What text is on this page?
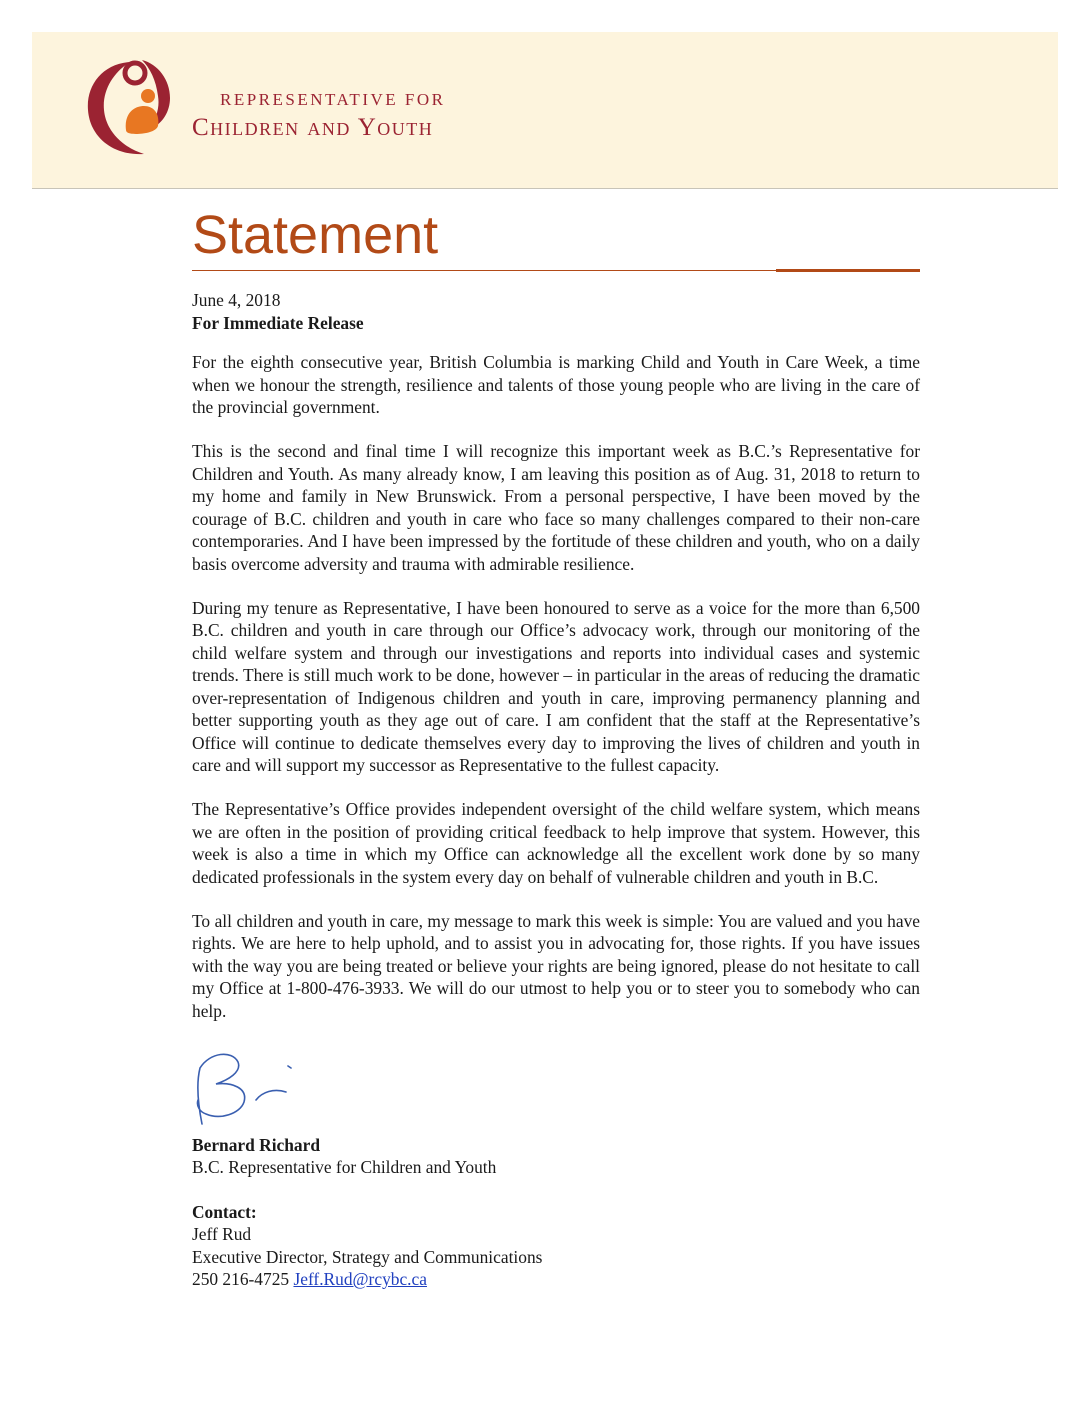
REPRESENTATIVE FOR
Children and Youth
Statement

June 4, 2018

For Immediate Release

For the eighth consecutive year, British Columbia is marking Child and Youth in Care Week, a time when we honour the strength, resilience and talents of those young people who are living in the care of the provincial government.

This is the second and final time I will recognize this important week as B.C.’s Representative for Children and Youth. As many already know, I am leaving this position as of Aug. 31, 2018 to return to my home and family in New Brunswick. From a personal perspective, I have been moved by the courage of B.C. children and youth in care who face so many challenges compared to their non-care contemporaries. And I have been impressed by the fortitude of these children and youth, who on a daily basis overcome adversity and trauma with admirable resilience.

During my tenure as Representative, I have been honoured to serve as a voice for the more than 6,500 B.C. children and youth in care through our Office’s advocacy work, through our monitoring of the child welfare system and through our investigations and reports into individual cases and systemic trends. There is still much work to be done, however – in particular in the areas of reducing the dramatic over-representation of Indigenous children and youth in care, improving permanency planning and better supporting youth as they age out of care. I am confident that the staff at the Representative’s Office will continue to dedicate themselves every day to improving the lives of children and youth in care and will support my successor as Representative to the fullest capacity.

The Representative’s Office provides independent oversight of the child welfare system, which means we are often in the position of providing critical feedback to help improve that system. However, this week is also a time in which my Office can acknowledge all the excellent work done by so many dedicated professionals in the system every day on behalf of vulnerable children and youth in B.C.

To all children and youth in care, my message to mark this week is simple: You are valued and you have rights. We are here to help uphold, and to assist you in advocating for, those rights. If you have issues with the way you are being treated or believe your rights are being ignored, please do not hesitate to call my Office at 1-800-476-3933. We will do our utmost to help you or to steer you to somebody who can help.

Bernard Richard

B.C. Representative for Children and Youth

Contact:

Jeff Rud

Executive Director, Strategy and Communications

250 216-4725 Jeff.Rud@rcybc.ca
